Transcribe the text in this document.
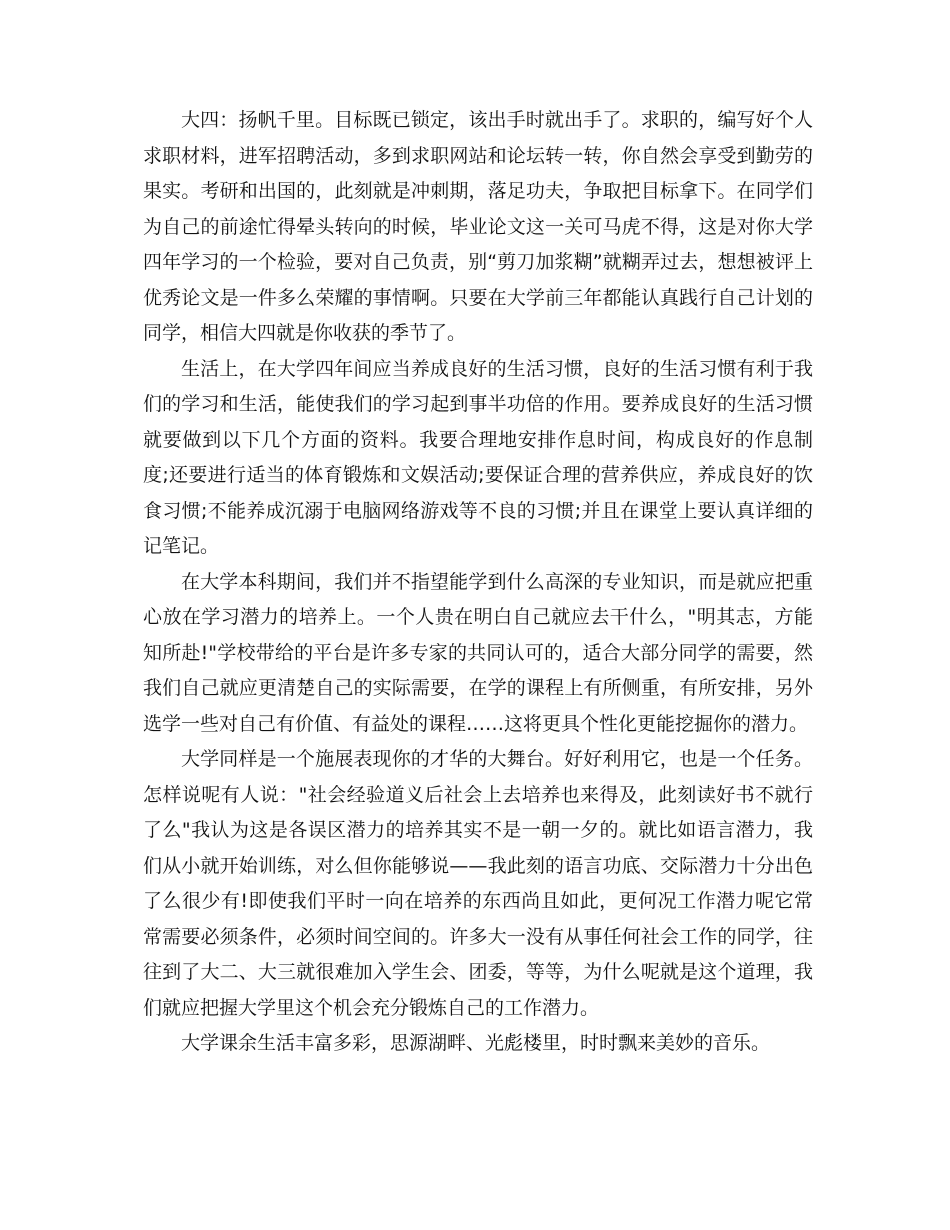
大四：扬帆千里。目标既已锁定，该出手时就出手了。求职的，编写好个人求职材料，进军招聘活动，多到求职网站和论坛转一转，你自然会享受到勤劳的果实。考研和出国的，此刻就是冲刺期，落足功夫，争取把目标拿下。在同学们为自己的前途忙得晕头转向的时候，毕业论文这一关可马虎不得，这是对你大学四年学习的一个检验，要对自己负责，别“剪刀加浆糊”就糊弄过去，想想被评上优秀论文是一件多么荣耀的事情啊。只要在大学前三年都能认真践行自己计划的同学，相信大四就是你收获的季节了。

生活上，在大学四年间应当养成良好的生活习惯，良好的生活习惯有利于我们的学习和生活，能使我们的学习起到事半功倍的作用。要养成良好的生活习惯就要做到以下几个方面的资料。我要合理地安排作息时间，构成良好的作息制度;还要进行适当的体育锻炼和文娱活动;要保证合理的营养供应，养成良好的饮食习惯;不能养成沉溺于电脑网络游戏等不良的习惯;并且在课堂上要认真详细的记笔记。

在大学本科期间，我们并不指望能学到什么高深的专业知识，而是就应把重心放在学习潜力的培养上。一个人贵在明白自己就应去干什么，"明其志，方能知所赴!"学校带给的平台是许多专家的共同认可的，适合大部分同学的需要，然我们自己就应更清楚自己的实际需要，在学的课程上有所侧重，有所安排，另外选学一些对自己有价值、有益处的课程……这将更具个性化更能挖掘你的潜力。

大学同样是一个施展表现你的才华的大舞台。好好利用它，也是一个任务。怎样说呢有人说："社会经验道义后社会上去培养也来得及，此刻读好书不就行了么"我认为这是各误区潜力的培养其实不是一朝一夕的。就比如语言潜力，我们从小就开始训练，对么但你能够说——我此刻的语言功底、交际潜力十分出色了么很少有!即使我们平时一向在培养的东西尚且如此，更何况工作潜力呢它常常需要必须条件，必须时间空间的。许多大一没有从事任何社会工作的同学，往往到了大二、大三就很难加入学生会、团委，等等，为什么呢就是这个道理，我们就应把握大学里这个机会充分锻炼自己的工作潜力。

大学课余生活丰富多彩，思源湖畔、光彪楼里，时时飘来美妙的音乐。
